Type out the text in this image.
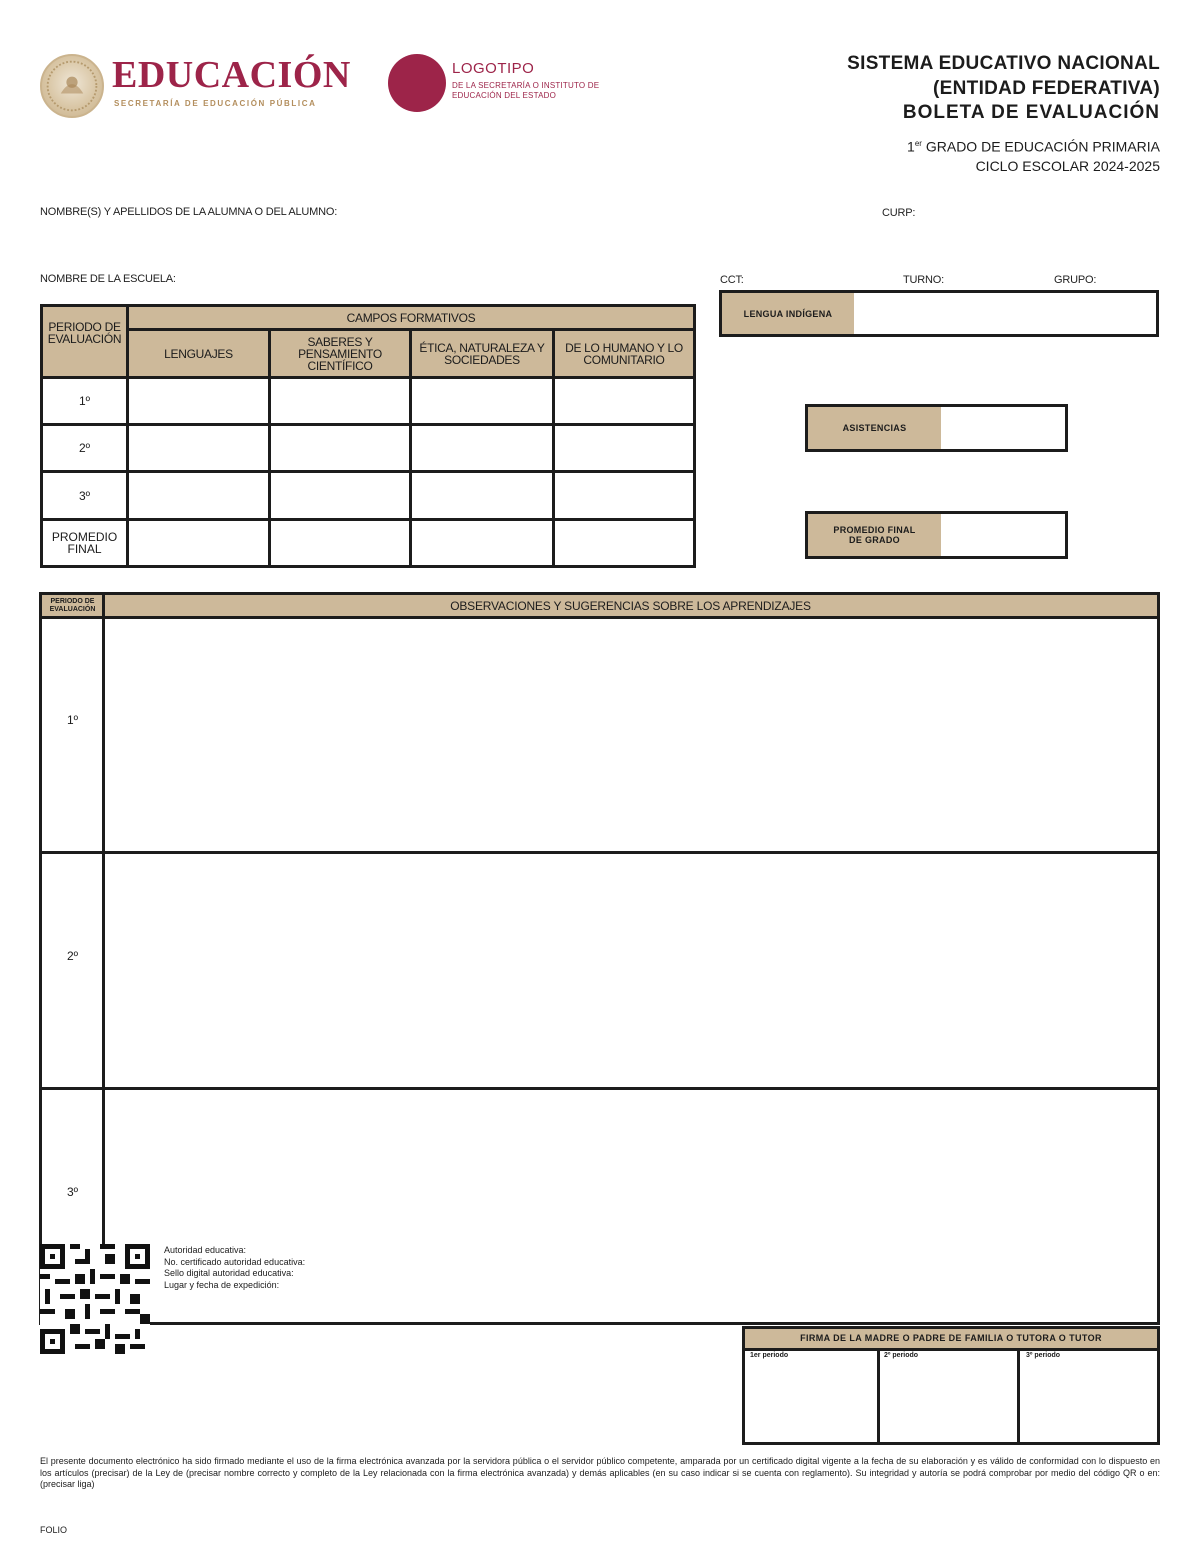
EDUCACIÓN
SECRETARÍA DE EDUCACIÓN PÚBLICA
LOGOTIPO
DE LA SECRETARÍA O INSTITUTO DE EDUCACIÓN DEL ESTADO
SISTEMA EDUCATIVO NACIONAL
(ENTIDAD FEDERATIVA)
BOLETA DE EVALUACIÓN
1er GRADO DE EDUCACIÓN PRIMARIA
CICLO ESCOLAR 2024-2025
NOMBRE(S) Y APELLIDOS DE LA ALUMNA O DEL ALUMNO:	CURP:
NOMBRE DE LA ESCUELA:	CCT:	TURNO:	GRUPO:
PERIODO DE EVALUACIÓN	CAMPOS FORMATIVOS			
	LENGUAJES	SABERES Y PENSAMIENTO CIENTÍFICO	ÉTICA, NATURALEZA Y SOCIEDADES	DE LO HUMANO Y LO COMUNITARIO
1º				
2º				
3º				
PROMEDIO FINAL				
LENGUA INDÍGENA
ASISTENCIAS
PROMEDIO FINAL DE GRADO
PERIODO DE EVALUACIÓN	OBSERVACIONES Y SUGERENCIAS SOBRE LOS APRENDIZAJES
1º
2º
3º
Autoridad educativa:
No. certificado autoridad educativa:
Sello digital autoridad educativa:
Lugar y fecha de expedición:
FIRMA DE LA MADRE O PADRE DE FAMILIA O TUTORA O TUTOR
1er periodo	2º periodo	3º periodo
El presente documento electrónico ha sido firmado mediante el uso de la firma electrónica avanzada por la servidora pública o el servidor público competente, amparada por un certificado digital vigente a la fecha de su elaboración y es válido de conformidad con lo dispuesto en los artículos (precisar) de la Ley de (precisar nombre correcto y completo de la Ley relacionada con la firma electrónica avanzada) y demás aplicables (en su caso indicar si se cuenta con reglamento). Su integridad y autoría se podrá comprobar por medio del código QR o en: (precisar liga)
FOLIO
